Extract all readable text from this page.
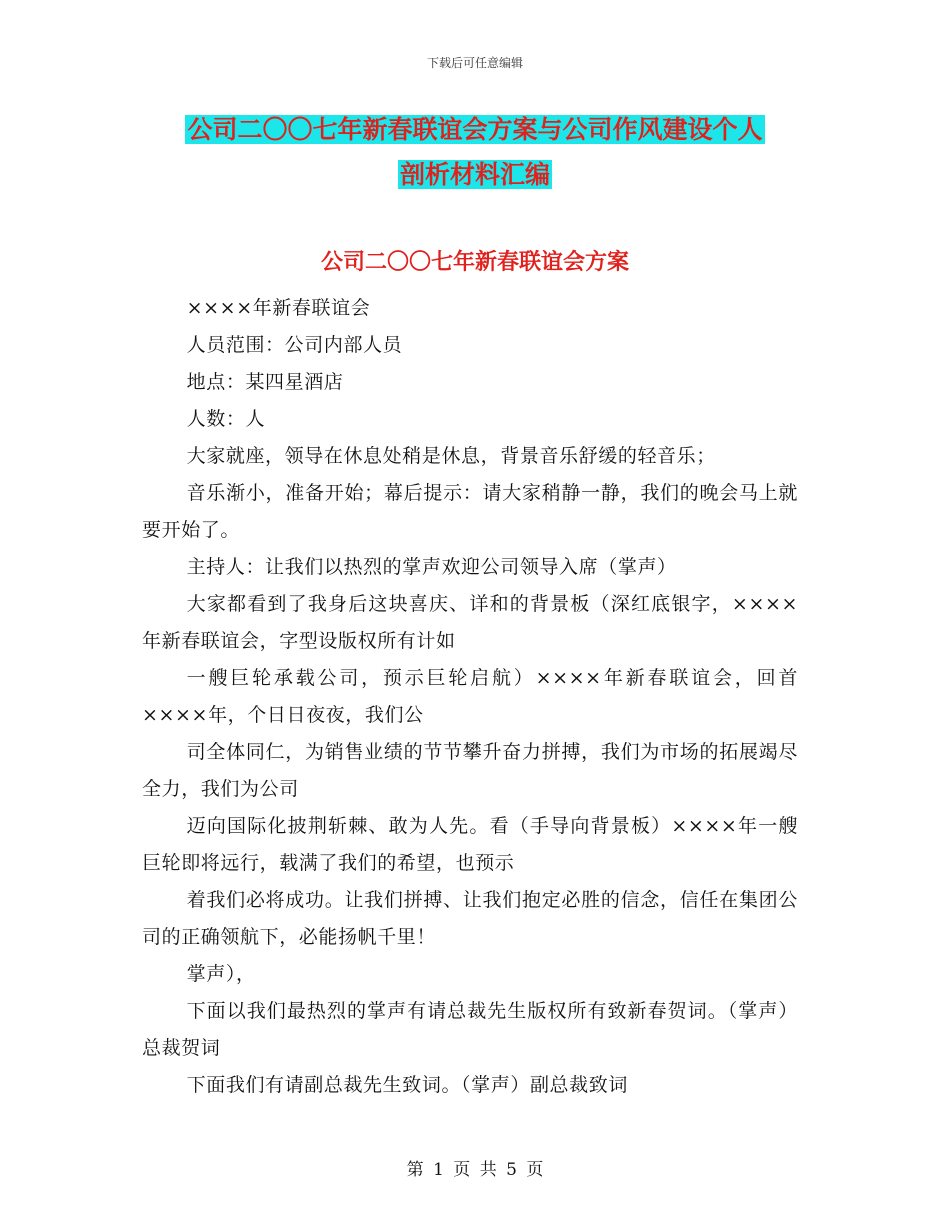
下载后可任意编辑
公司二〇〇七年新春联谊会方案与公司作风建设个人
剖析材料汇编
公司二〇〇七年新春联谊会方案

××××年新春联谊会

人员范围：公司内部人员

地点：某四星酒店

人数：人

大家就座，领导在休息处稍是休息，背景音乐舒缓的轻音乐；

音乐渐小，准备开始；幕后提示：请大家稍静一静，我们的晚会马上就要开始了。

主持人：让我们以热烈的掌声欢迎公司领导入席（掌声）

大家都看到了我身后这块喜庆、详和的背景板（深红底银字，××××年新春联谊会，字型设版权所有计如

一艘巨轮承载公司，预示巨轮启航）××××年新春联谊会，回首××××年，个日日夜夜，我们公

司全体同仁，为销售业绩的节节攀升奋力拼搏，我们为市场的拓展竭尽全力，我们为公司

迈向国际化披荆斩棘、敢为人先。看（手导向背景板）××××年一艘巨轮即将远行，载满了我们的希望，也预示

着我们必将成功。让我们拼搏、让我们抱定必胜的信念，信任在集团公司的正确领航下，必能扬帆千里！

掌声），

下面以我们最热烈的掌声有请总裁先生版权所有致新春贺词。（掌声）总裁贺词

下面我们有请副总裁先生致词。（掌声）副总裁致词

第 1 页 共 5 页
